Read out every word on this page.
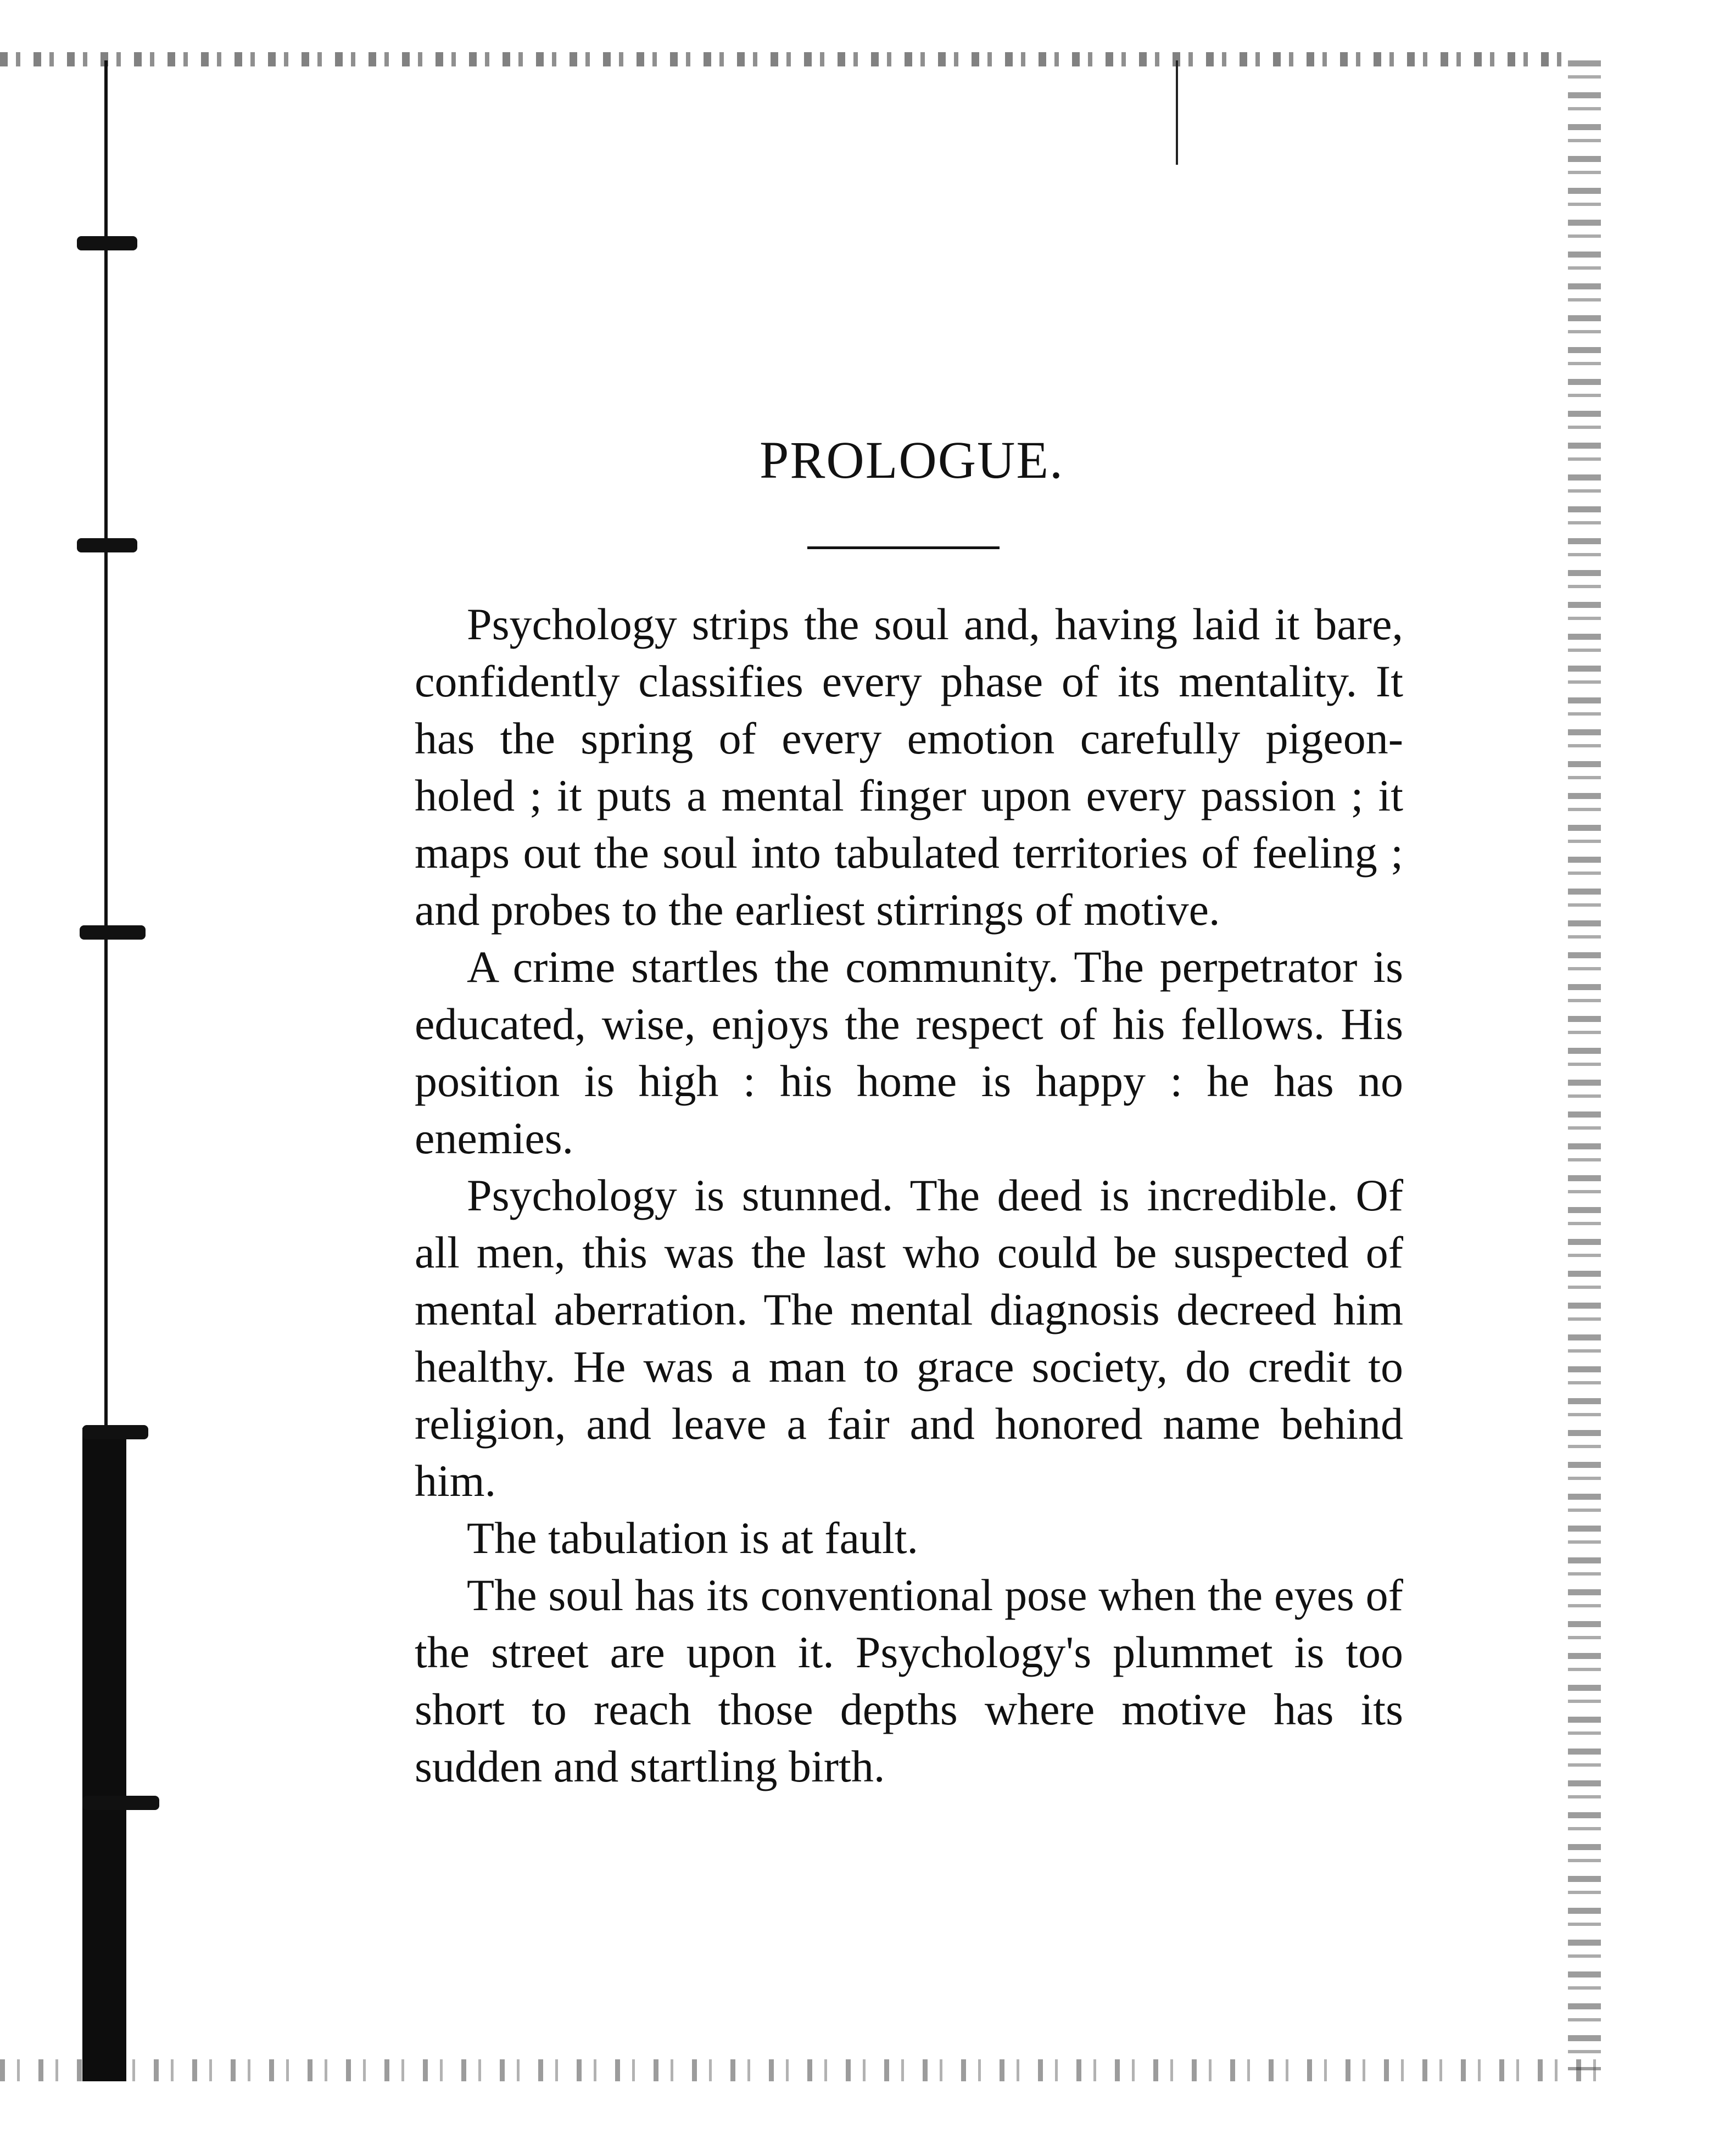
PROLOGUE.

Psychology strips the soul and, having laid it bare, confidently classifies every phase of its mentality. It has the spring of every emotion carefully pigeon-holed ; it puts a mental finger upon every passion ; it maps out the soul into tabulated territories of feeling ; and probes to the earliest stirrings of motive.

A crime startles the community. The perpetrator is educated, wise, enjoys the respect of his fellows. His position is high : his home is happy : he has no enemies.

Psychology is stunned. The deed is incredible. Of all men, this was the last who could be suspected of mental aberration. The mental diagnosis decreed him healthy. He was a man to grace society, do credit to religion, and leave a fair and honored name behind him.

The tabulation is at fault.

The soul has its conventional pose when the eyes of the street are upon it. Psychology's plummet is too short to reach those depths where motive has its sudden and startling birth.
